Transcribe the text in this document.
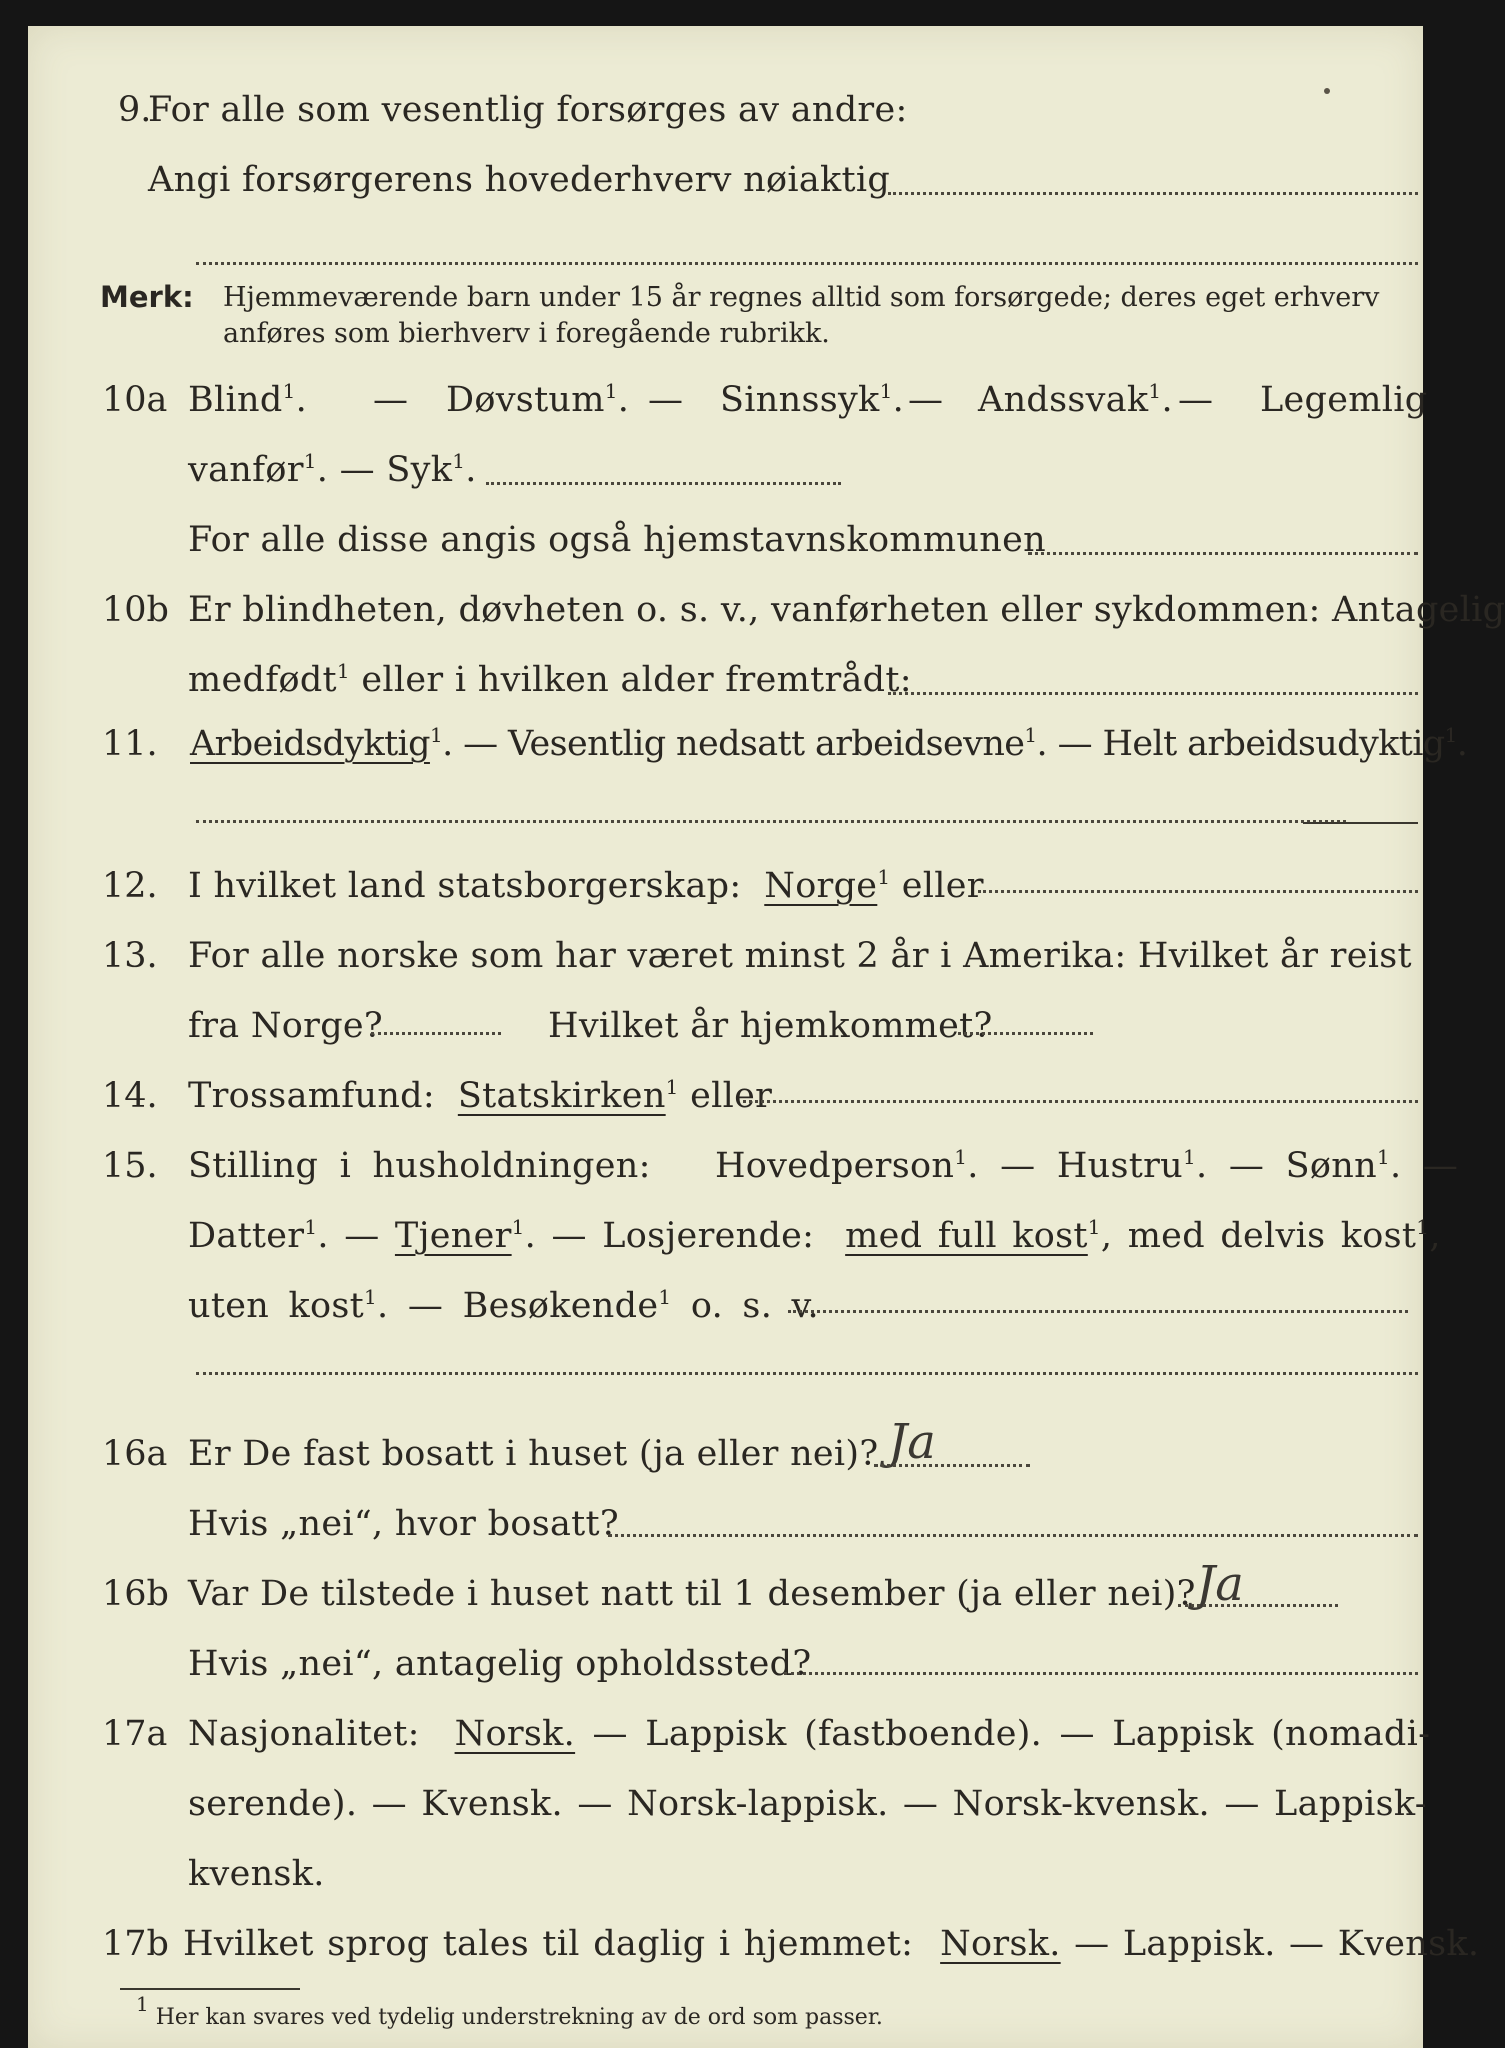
9.
For alle som vesentlig forsørges av andre:
Angi forsørgerens hovederhverv nøiaktig
Merk: Hjemmeværende barn under 15 år regnes alltid som forsørgede; deres eget erhverv
anføres som bierhverv i foregående rubrikk.
10a Blind$^1$. — Døvstum$^1$. — Sinnssyk$^1$. — Andssvak$^1$. — Legemlig
vanfør$^1$. — Syk$^1$.
For alle disse angis også hjemstavnskommunen
10b Er blindheten, døvheten o. s. v., vanførheten eller sykdommen: Antagelig
medfødt$^1$ eller i hvilken alder fremtrådt:
11. Arbeidsdyktig$^1$. — Vesentlig nedsatt arbeidsevne$^1$. — Helt arbeidsudyktig$^1$.
12. I hvilket land statsborgerskap: Norge$^1$ eller
13. For alle norske som har været minst 2 år i Amerika: Hvilket år reist
fra Norge?	Hvilket år hjemkommet?
14. Trossamfund: Statskirken$^1$ eller
15. Stilling i husholdningen: Hovedperson$^1$. — Hustru$^1$. — Sønn$^1$. —
Datter$^1$. — Tjener$^1$. — Losjerende: med full kost$^1$, med delvis kost$^1$,
uten kost$^1$. — Besøkende$^1$ o. s. v.
16a Er De fast bosatt i huset (ja eller nei)? Ja
Hvis „nei“, hvor bosatt?
16b Var De tilstede i huset natt til 1 desember (ja eller nei)? Ja
Hvis „nei“, antagelig opholdssted?
17a Nasjonalitet: Norsk. — Lappisk (fastboende). — Lappisk (nomadi-
serende). — Kvensk. — Norsk-lappisk. — Norsk-kvensk. — Lappisk-
kvensk.
17b Hvilket sprog tales til daglig i hjemmet: Norsk. — Lappisk. — Kvensk.
$^1$ Her kan svares ved tydelig understrekning av de ord som passer.
